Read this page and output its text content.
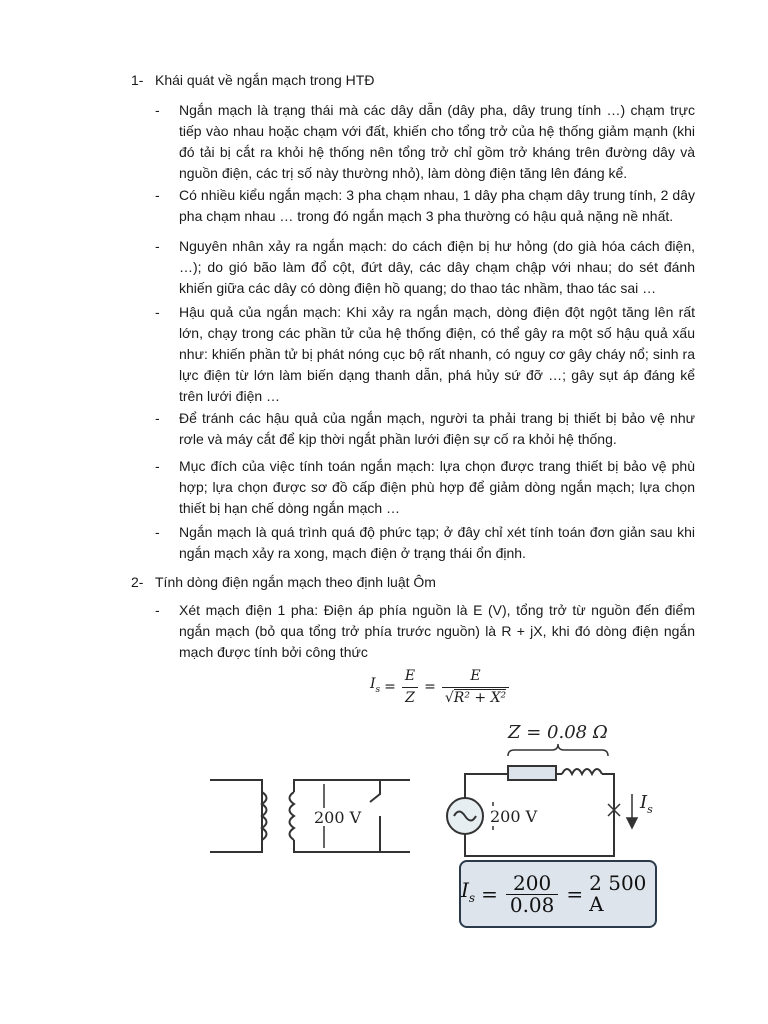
1- Khái quát về ngắn mạch trong HTĐ
-	Ngắn mạch là trạng thái mà các dây dẫn (dây pha, dây trung tính …) chạm trực tiếp vào nhau hoặc chạm với đất, khiến cho tổng trở của hệ thống giảm mạnh (khi đó tải bị cắt ra khỏi hệ thống nên tổng trở chỉ gồm trở kháng trên đường dây và nguồn điện, các trị số này thường nhỏ), làm dòng điện tăng lên đáng kể.
-	Có nhiều kiểu ngắn mạch: 3 pha chạm nhau, 1 dây pha chạm dây trung tính, 2 dây pha chạm nhau … trong đó ngắn mạch 3 pha thường có hậu quả nặng nề nhất.
-	Nguyên nhân xảy ra ngắn mạch: do cách điện bị hư hỏng (do già hóa cách điện, …); do gió bão làm đổ cột, đứt dây, các dây chạm chập với nhau; do sét đánh khiến giữa các dây có dòng điện hồ quang; do thao tác nhầm, thao tác sai …
-	Hậu quả của ngắn mạch: Khi xảy ra ngắn mạch, dòng điện đột ngột tăng lên rất lớn, chạy trong các phần tử của hệ thống điện, có thể gây ra một số hậu quả xấu như: khiến phần tử bị phát nóng cục bộ rất nhanh, có nguy cơ gây cháy nổ; sinh ra lực điện từ lớn làm biến dạng thanh dẫn, phá hủy sứ đỡ …; gây sụt áp đáng kể trên lưới điện …
-	Để tránh các hậu quả của ngắn mạch, người ta phải trang bị thiết bị bảo vệ như rơle và máy cắt để kịp thời ngắt phần lưới điện sự cố ra khỏi hệ thống.
-	Mục đích của việc tính toán ngắn mạch: lựa chọn được trang thiết bị bảo vệ phù hợp; lựa chọn được sơ đồ cấp điện phù hợp để giảm dòng ngắn mạch; lựa chọn thiết bị hạn chế dòng ngắn mạch …
-	Ngắn mạch là quá trình quá độ phức tạp; ở đây chỉ xét tính toán đơn giản sau khi ngắn mạch xảy ra xong, mạch điện ở trạng thái ổn định.
2- Tính dòng điện ngắn mạch theo định luật Ôm
-	Xét mạch điện 1 pha: Điện áp phía nguồn là E (V), tổng trở từ nguồn đến điểm ngắn mạch (bỏ qua tổng trở phía trước nguồn) là R + jX, khi đó dòng điện ngắn mạch được tính bởi công thức
$I_s = \frac{E}{Z} = \frac{E}{\text{√R² + X²}}$
200 V
$I_s$
200 V
Z = 0.08 Ω
$I_s = \frac{200}{0.08} = 2$ 500 A
